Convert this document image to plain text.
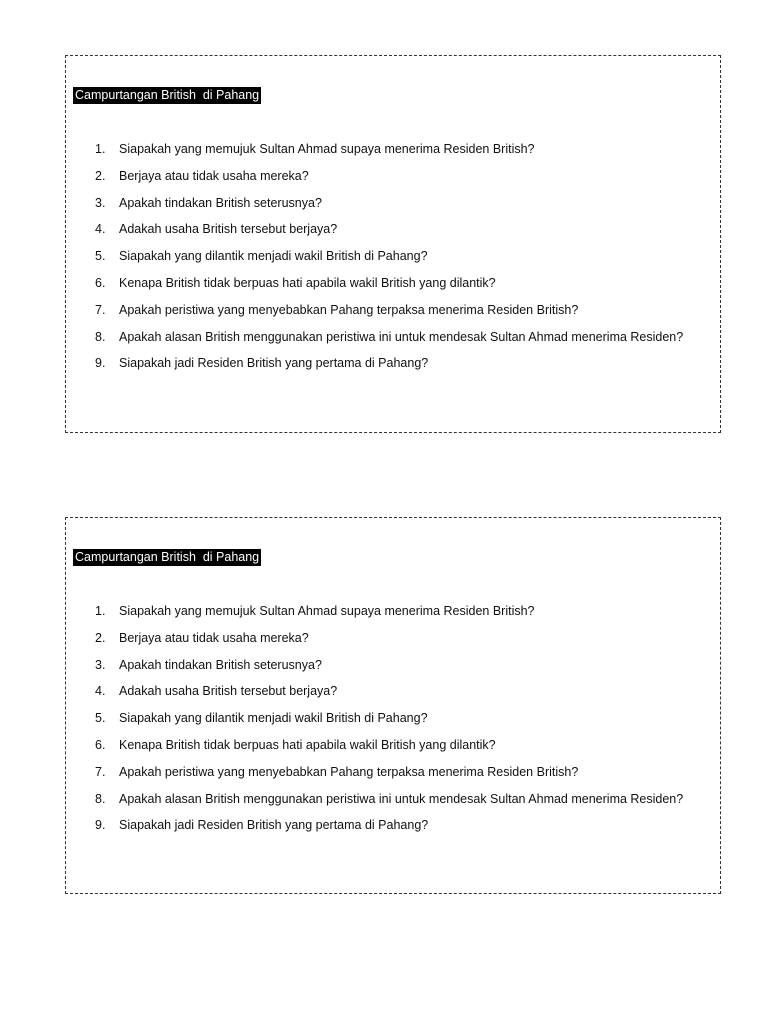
Campurtangan British  di Pahang
1.	Siapakah yang memujuk Sultan Ahmad supaya menerima Residen British?
2.	Berjaya atau tidak usaha mereka?
3.	Apakah tindakan British seterusnya?
4.	Adakah usaha British tersebut berjaya?
5.	Siapakah yang dilantik menjadi wakil British di Pahang?
6.	Kenapa British tidak berpuas hati apabila wakil British yang dilantik?
7.	Apakah peristiwa yang menyebabkan Pahang terpaksa menerima Residen British?
8.	Apakah alasan British menggunakan peristiwa ini untuk mendesak Sultan Ahmad menerima Residen?
9.	Siapakah jadi Residen British yang pertama di Pahang?
Campurtangan British  di Pahang
1.	Siapakah yang memujuk Sultan Ahmad supaya menerima Residen British?
2.	Berjaya atau tidak usaha mereka?
3.	Apakah tindakan British seterusnya?
4.	Adakah usaha British tersebut berjaya?
5.	Siapakah yang dilantik menjadi wakil British di Pahang?
6.	Kenapa British tidak berpuas hati apabila wakil British yang dilantik?
7.	Apakah peristiwa yang menyebabkan Pahang terpaksa menerima Residen British?
8.	Apakah alasan British menggunakan peristiwa ini untuk mendesak Sultan Ahmad menerima Residen?
9.	Siapakah jadi Residen British yang pertama di Pahang?
